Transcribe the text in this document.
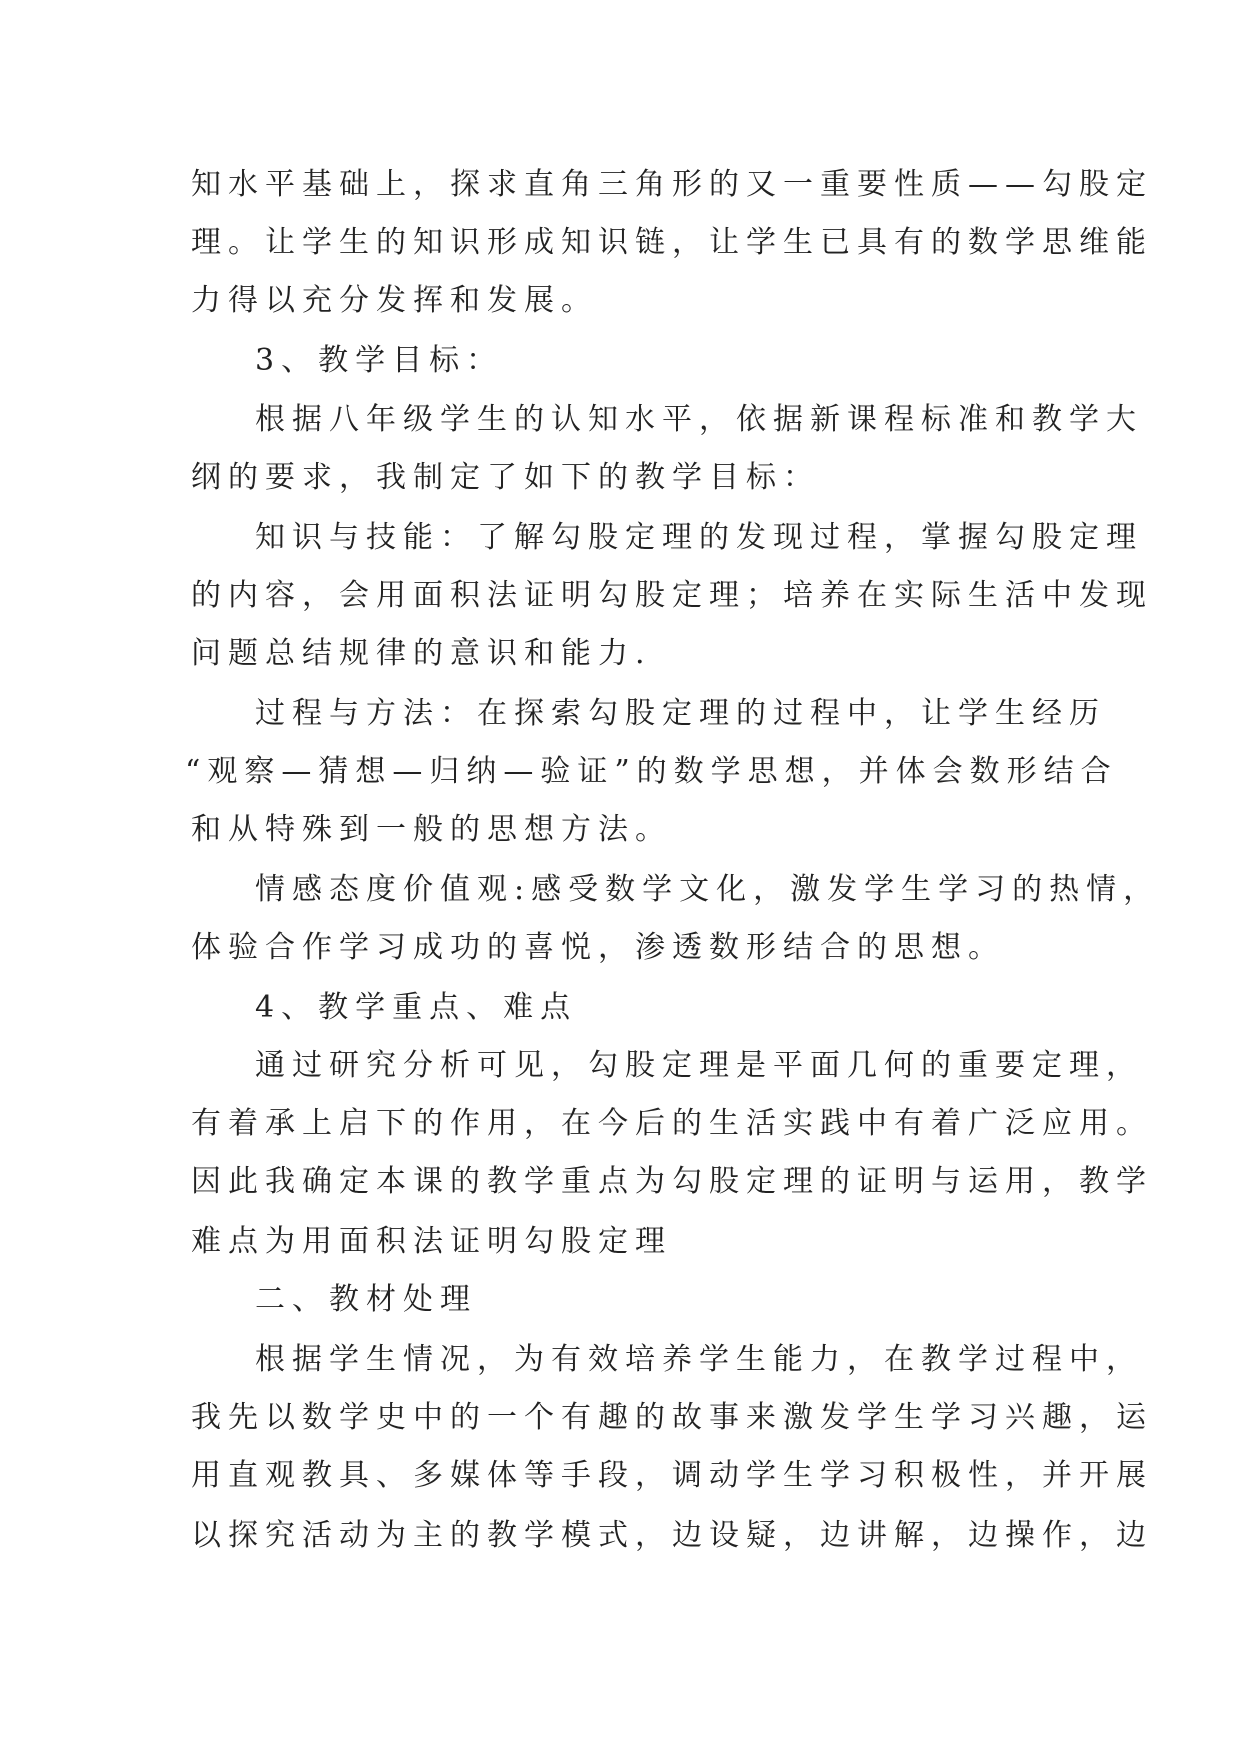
知水平基础上，探求直角三角形的又一重要性质——勾股定
理。让学生的知识形成知识链，让学生已具有的数学思维能
力得以充分发挥和发展。
3、教学目标：
根据八年级学生的认知水平，依据新课程标准和教学大
纲的要求，我制定了如下的教学目标：
知识与技能：了解勾股定理的发现过程，掌握勾股定理
的内容，会用面积法证明勾股定理；培养在实际生活中发现
问题总结规律的意识和能力.
过程与方法：在探索勾股定理的过程中，让学生经历
“观察—猜想—归纳—验证”的数学思想，并体会数形结合
和从特殊到一般的思想方法。
情感态度价值观:感受数学文化，激发学生学习的热情，
体验合作学习成功的喜悦，渗透数形结合的思想。
4、教学重点、难点
通过研究分析可见，勾股定理是平面几何的重要定理，
有着承上启下的作用，在今后的生活实践中有着广泛应用。
因此我确定本课的教学重点为勾股定理的证明与运用，教学
难点为用面积法证明勾股定理
二、教材处理
根据学生情况，为有效培养学生能力，在教学过程中，
我先以数学史中的一个有趣的故事来激发学生学习兴趣，运
用直观教具、多媒体等手段，调动学生学习积极性，并开展
以探究活动为主的教学模式，边设疑，边讲解，边操作，边
